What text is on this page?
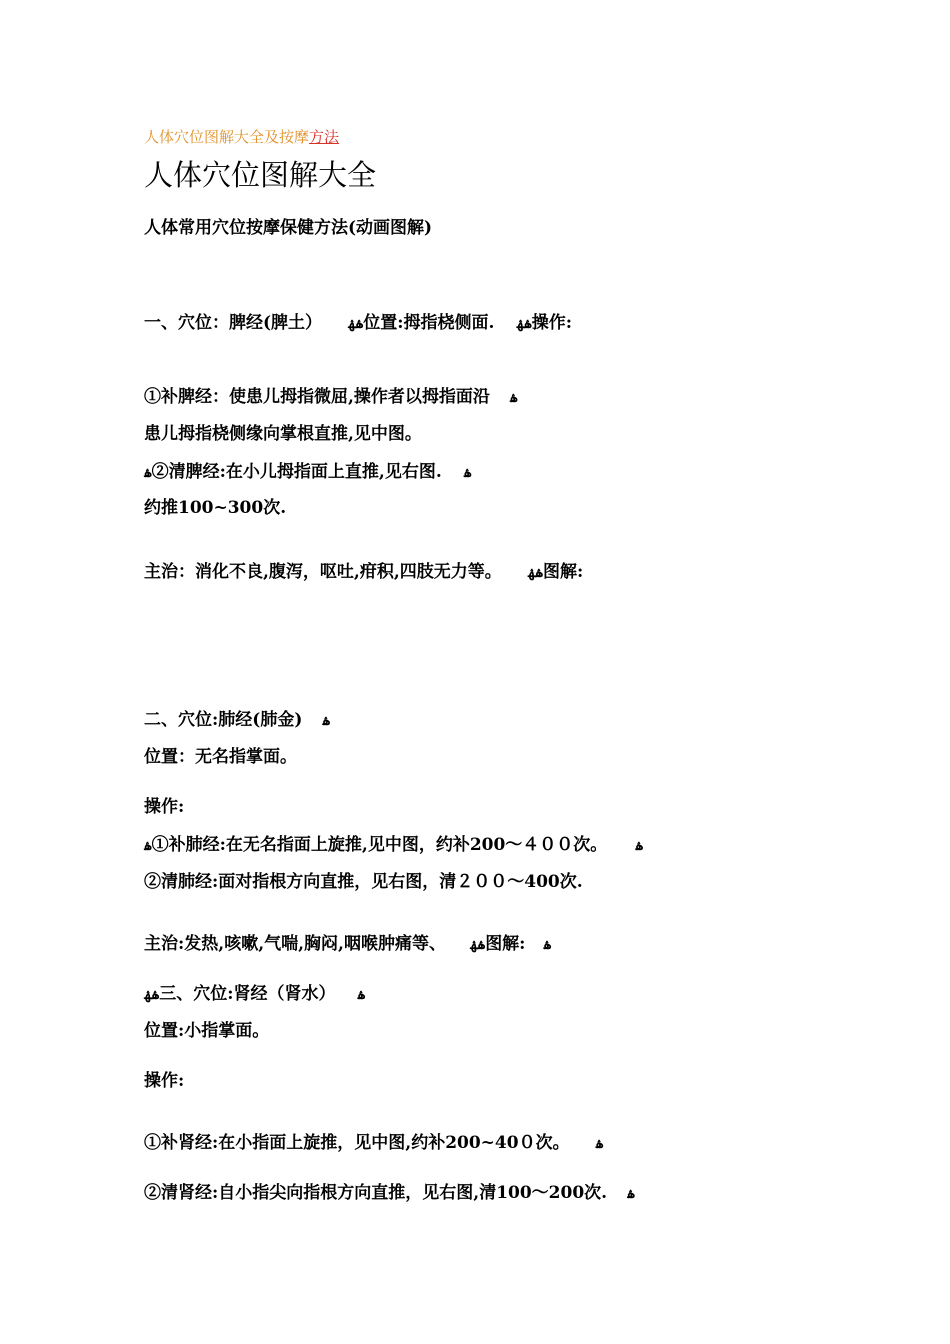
人体穴位图解大全及按摩方法

人体穴位图解大全

人体常用穴位按摩保健方法(动画图解)

一、穴位：脾经(脾土） ۿۿ位置:拇指桡侧面. ۿۿ操作:

①补脾经：使患儿拇指微屈,操作者以拇指面沿 ۿ

患儿拇指桡侧缘向掌根直推,见中图。

ۿ②清脾经:在小儿拇指面上直推,见右图. ۿ

约推100~300次.

主治：消化不良,腹泻，呕吐,疳积,四肢无力等。 ۿۿ图解:

二、穴位:肺经(肺金) ۿ

位置：无名指掌面。

操作:

ۿ①补肺经:在无名指面上旋推,见中图，约补200～４００次。 ۿ

②清肺经:面对指根方向直推，见右图，清２００～400次.

主治:发热,咳嗽,气喘,胸闷,咽喉肿痛等、 ۿۿ图解: ۿ

ۿۿ三、穴位:肾经（肾水） ۿ

位置:小指掌面。

操作:

①补肾经:在小指面上旋推，见中图,约补200~40０次。 ۿ

②清肾经:自小指尖向指根方向直推，见右图,清100～200次. ۿ
